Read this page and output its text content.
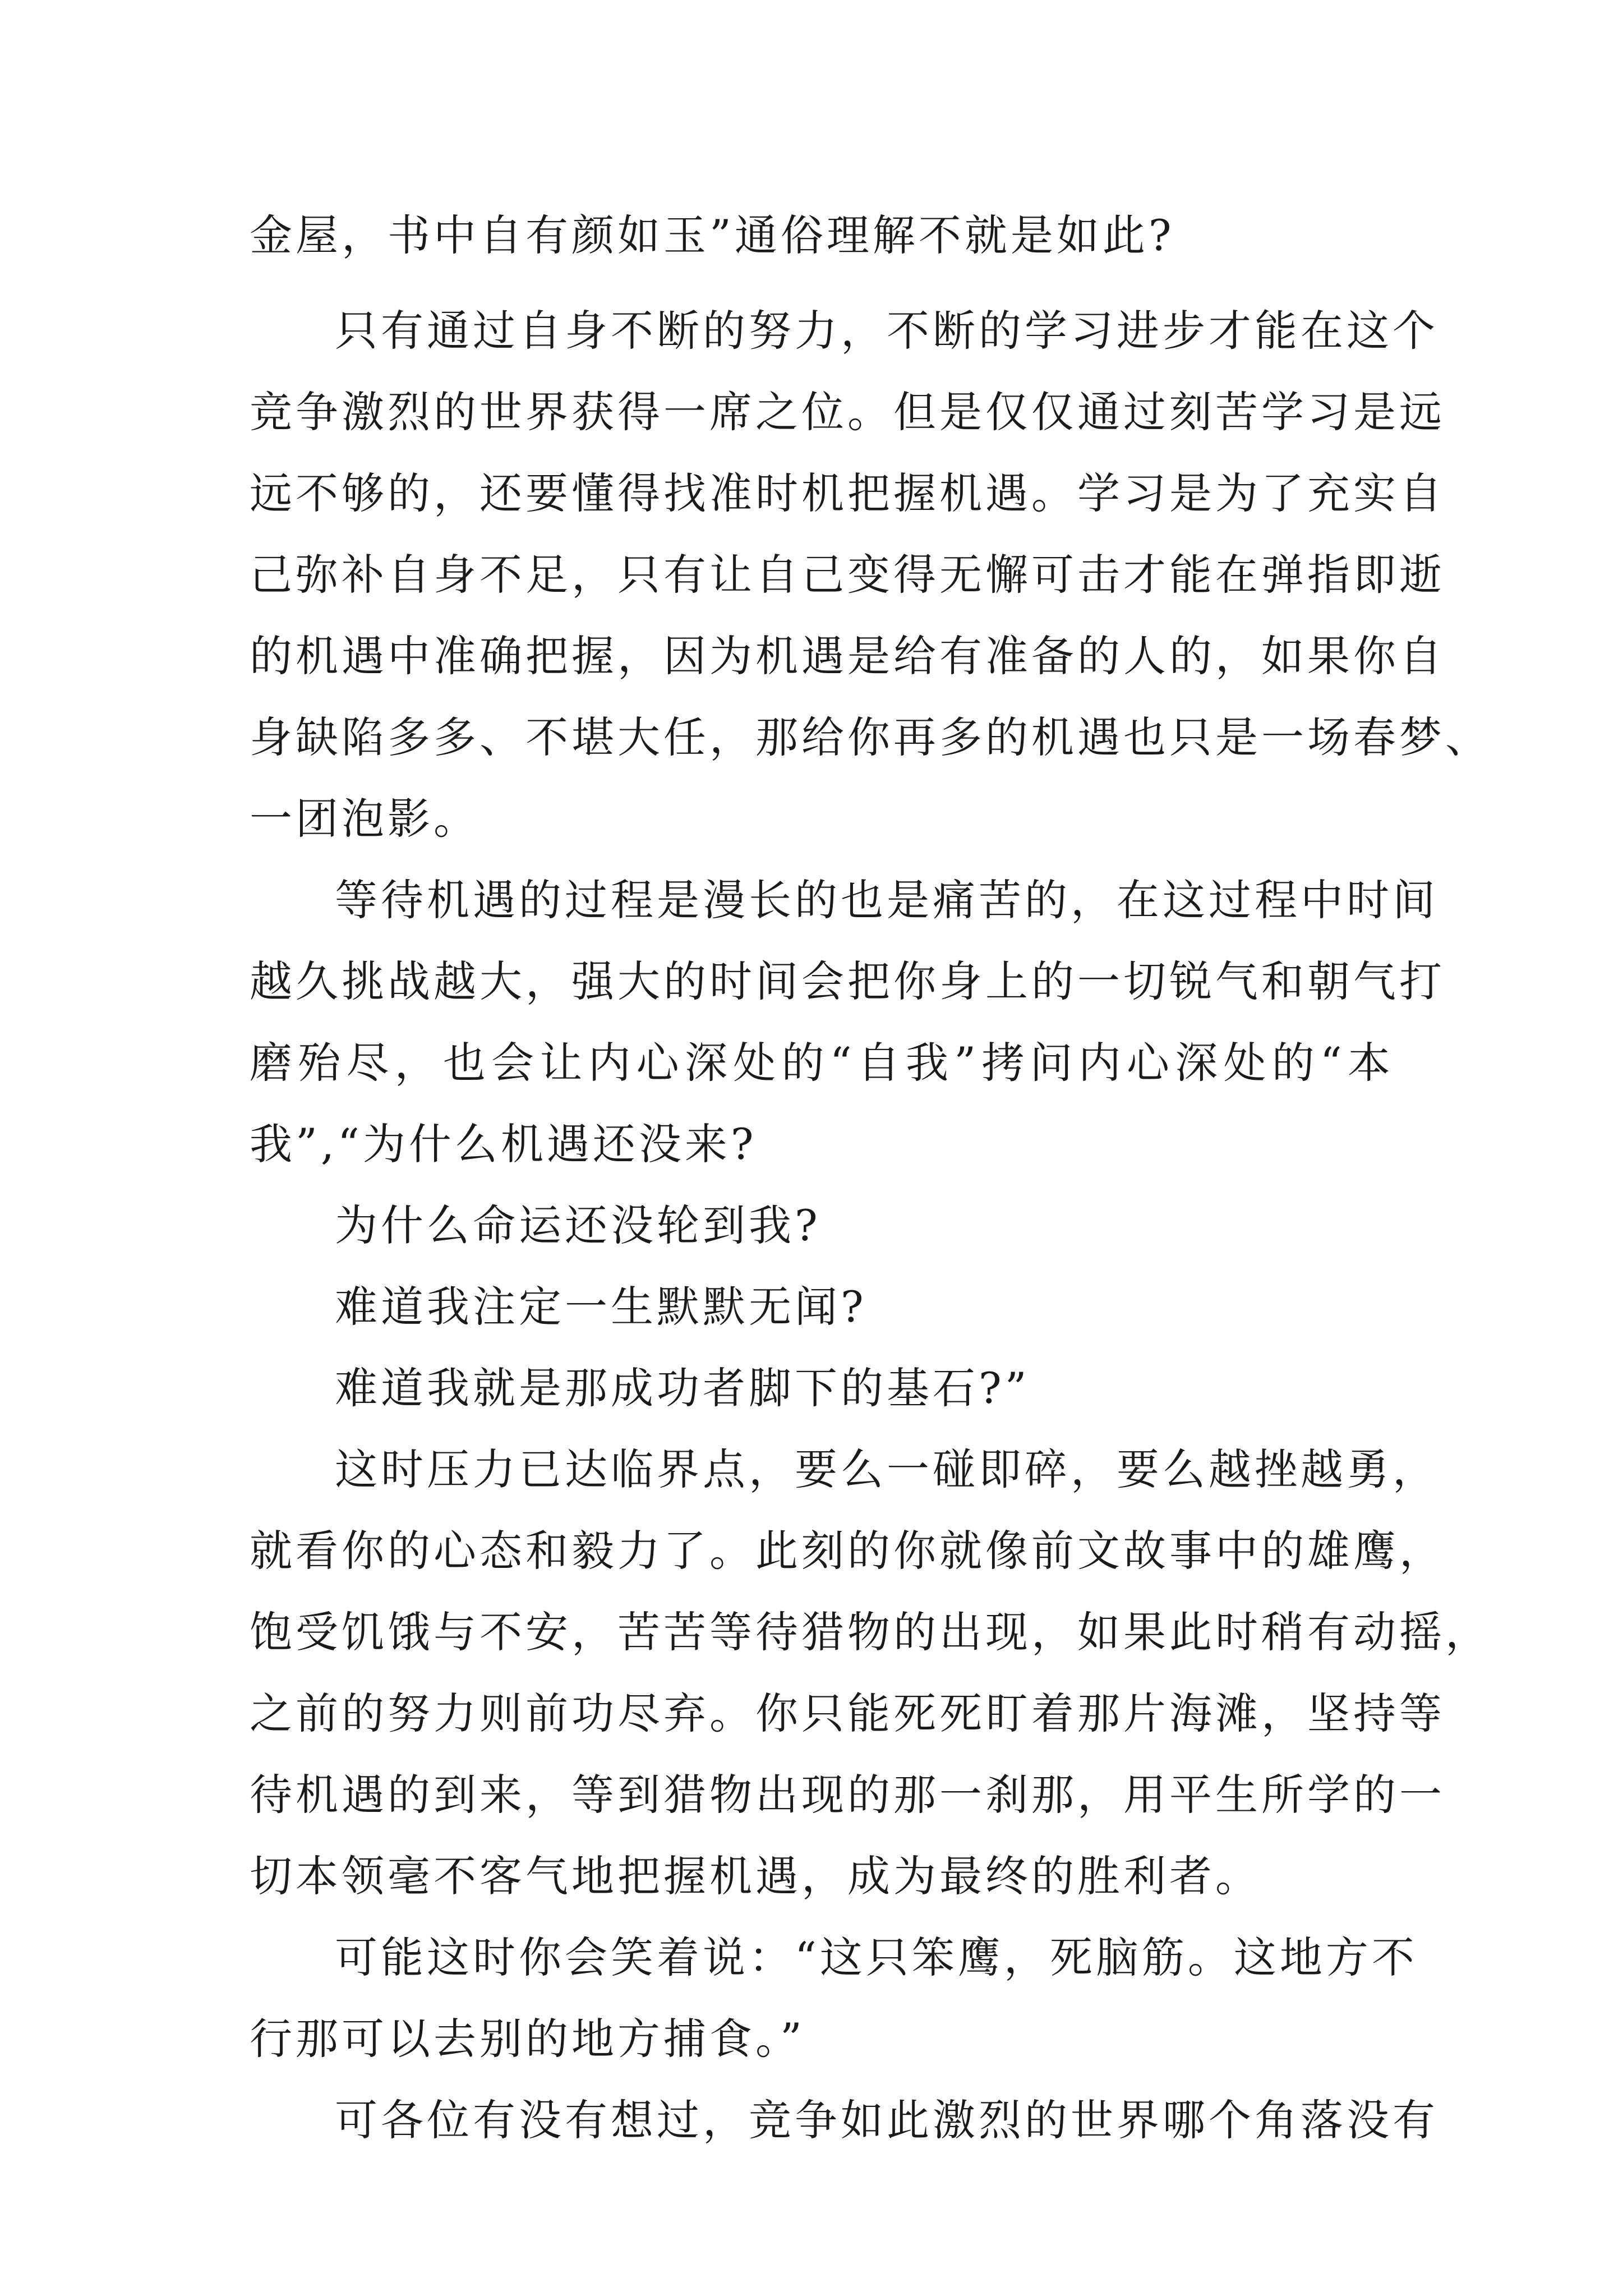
金屋，书中自有颜如玉”通俗理解不就是如此?
只有通过自身不断的努力，不断的学习进步才能在这个
竞争激烈的世界获得一席之位。但是仅仅通过刻苦学习是远
远不够的，还要懂得找准时机把握机遇。学习是为了充实自
己弥补自身不足，只有让自己变得无懈可击才能在弹指即逝
的机遇中准确把握，因为机遇是给有准备的人的，如果你自
身缺陷多多、不堪大任，那给你再多的机遇也只是一场春梦、
一团泡影。
等待机遇的过程是漫长的也是痛苦的，在这过程中时间
越久挑战越大，强大的时间会把你身上的一切锐气和朝气打
磨殆尽，也会让内心深处的“自我”拷问内心深处的“本
我”,“为什么机遇还没来?
为什么命运还没轮到我?
难道我注定一生默默无闻?
难道我就是那成功者脚下的基石?”
这时压力已达临界点，要么一碰即碎，要么越挫越勇，
就看你的心态和毅力了。此刻的你就像前文故事中的雄鹰，
饱受饥饿与不安，苦苦等待猎物的出现，如果此时稍有动摇，
之前的努力则前功尽弃。你只能死死盯着那片海滩，坚持等
待机遇的到来，等到猎物出现的那一刹那，用平生所学的一
切本领毫不客气地把握机遇，成为最终的胜利者。
可能这时你会笑着说：“这只笨鹰，死脑筋。这地方不
行那可以去别的地方捕食。”
可各位有没有想过，竞争如此激烈的世界哪个角落没有
